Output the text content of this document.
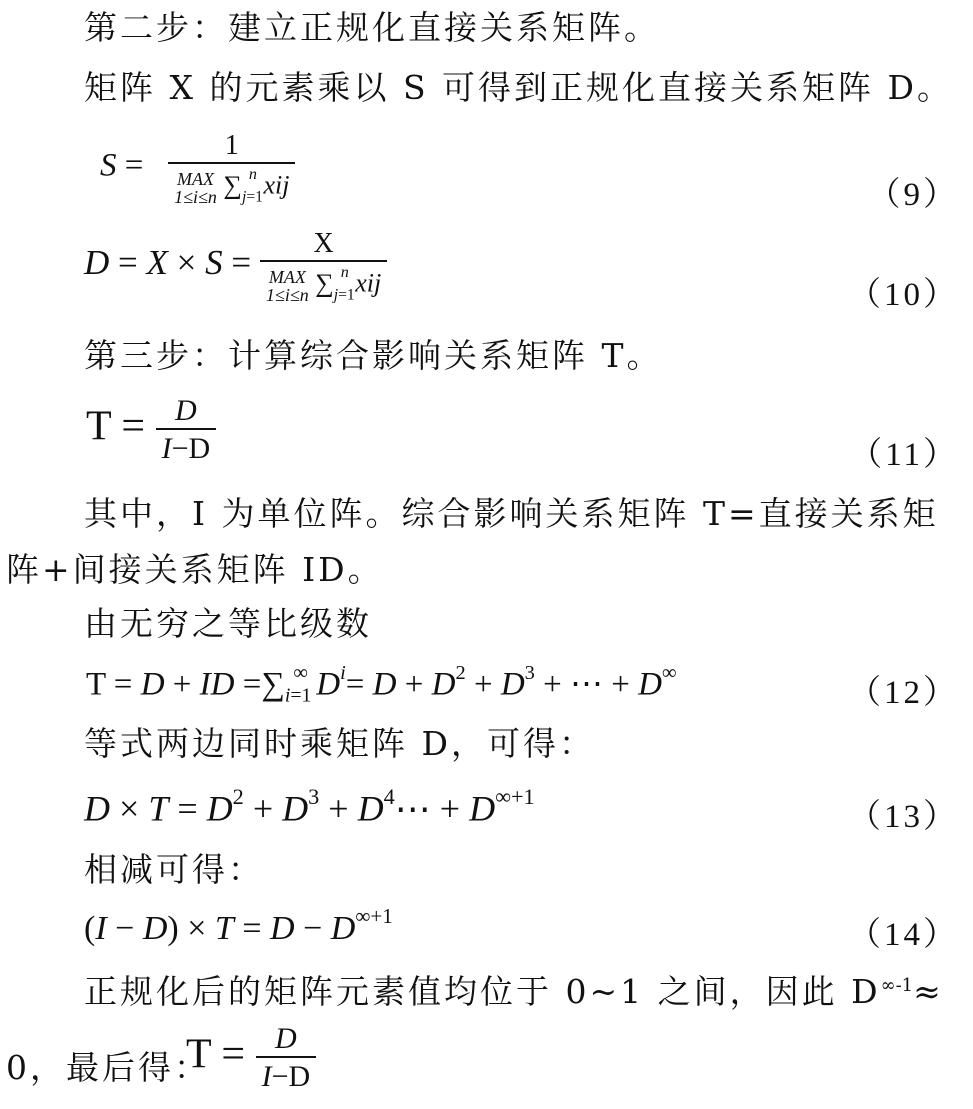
第二步：建立正规化直接关系矩阵。
矩阵 X 的元素乘以 S 可得到正规化直接关系矩阵 D。
S =
1
MAX
1≤i≤n $\sum_{j=1}^n$ xij	（9）
D = X × S =	X
MAX
1≤i≤n $\sum_{j=1}^n$ xij	（10）
第三步：计算综合影响关系矩阵 T。
$T = \frac{D}{I-D}$	（11）
其中，I 为单位阵。综合影响关系矩阵 T=直接关系矩
阵+间接关系矩阵 ID。
由无穷之等比级数
T = D + ID $=\sum_{i=1}^\infty$ $D^i= D + D^2 + D^3$ + ⋯ + D∞
（12）
等式两边同时乘矩阵 D，可得：
$D \times T = D^2 + D^3$ + $D^4\cdots + D^{\infty+1}$
（13）
相减可得：
$(I - D) \times T = D - D^{\infty+1}$
（14）
正规化后的矩阵元素值均位于 0~1 之间，因此 $D^{\infty-1}\approx$
0，最后得：
$T = \frac{D}{I-D}$
